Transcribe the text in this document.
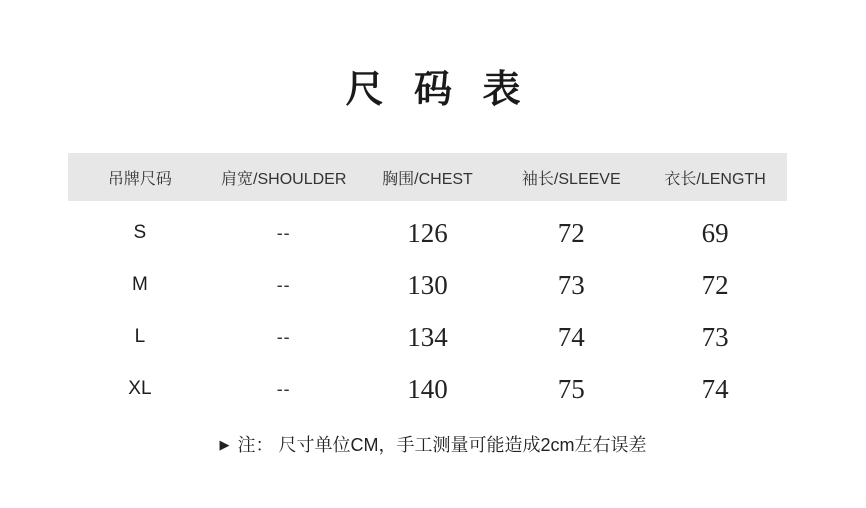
尺 码 表
吊牌尺码	肩宽/SHOULDER	胸围/CHEST	袖长/SLEEVE	衣长/LENGTH
S	--	126	72	69
M	--	130	73	72
L	--	134	74	73
XL	--	140	75	74
▶ 注： 尺寸单位CM，手工测量可能造成2cm左右误差
